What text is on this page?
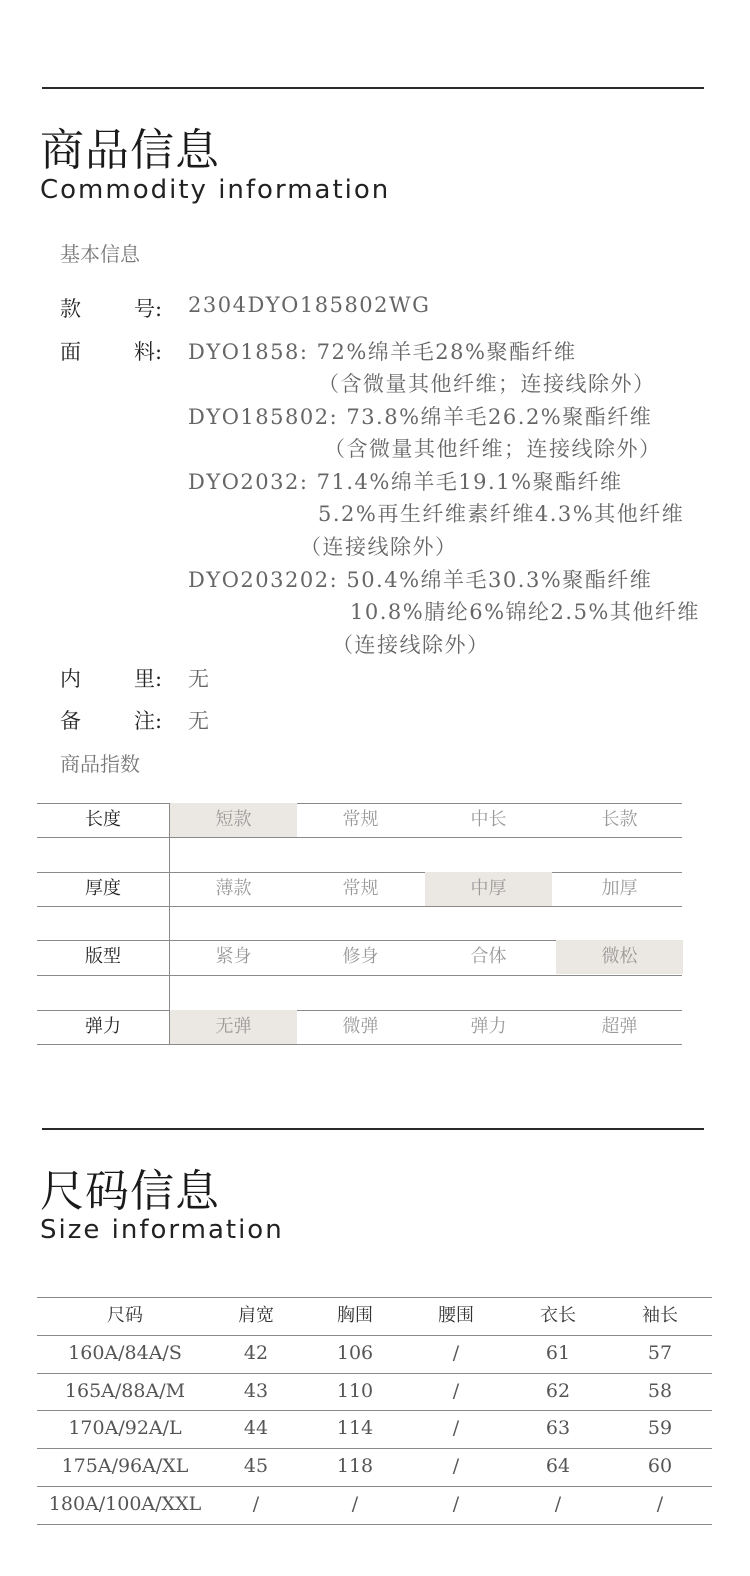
商品信息
Commodity information
基本信息
款	号: 2304DYO185802WG
面	料: DYO1858: 72%绵羊毛28%聚酯纤维
（含微量其他纤维；连接线除外）
DYO185802: 73.8%绵羊毛26.2%聚酯纤维
（含微量其他纤维；连接线除外）
DYO2032: 71.4%绵羊毛19.1%聚酯纤维
5.2%再生纤维素纤维4.3%其他纤维
（连接线除外）
DYO203202: 50.4%绵羊毛30.3%聚酯纤维
10.8%腈纶6%锦纶2.5%其他纤维
（连接线除外）
内	里: 无
备	注: 无
商品指数
长度	短款	常规	中长	长款
厚度	薄款	常规	中厚	加厚
版型	紧身	修身	合体	微松
弹力	无弹	微弹	弹力	超弹
尺码信息
Size information
尺码	肩宽	胸围	腰围	衣长	袖长
160A/84A/S	42	106	/	61	57
165A/88A/M	43	110	/	62	58
170A/92A/L	44	114	/	63	59
175A/96A/XL	45	118	/	64	60
180A/100A/XXL	/	/	/	/	/
